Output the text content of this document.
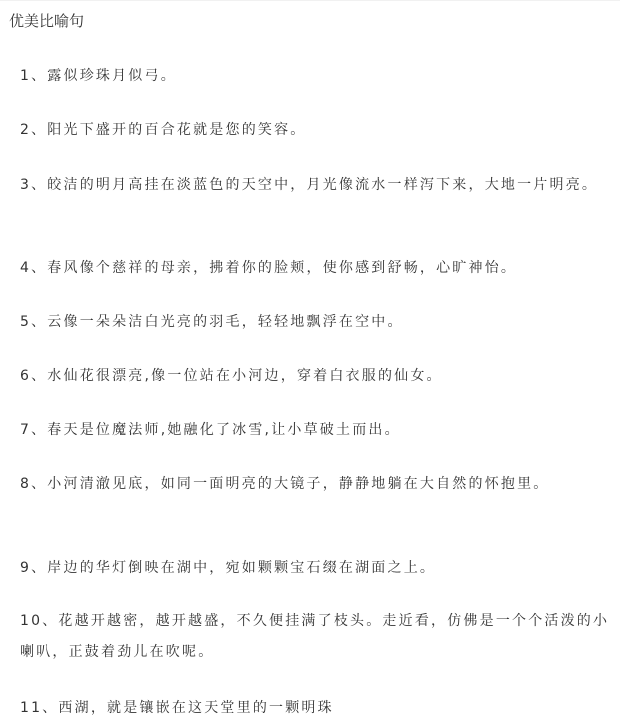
优美比喻句
1、露似珍珠月似弓。
2、阳光下盛开的百合花就是您的笑容。
3、皎洁的明月高挂在淡蓝色的天空中，月光像流水一样泻下来，大地一片明亮。
4、春风像个慈祥的母亲，拂着你的脸颊，使你感到舒畅，心旷神怡。
5、云像一朵朵洁白光亮的羽毛，轻轻地飘浮在空中。
6、水仙花很漂亮,像一位站在小河边，穿着白衣服的仙女。
7、春天是位魔法师,她融化了冰雪,让小草破土而出。
8、小河清澈见底，如同一面明亮的大镜子，静静地躺在大自然的怀抱里。
9、岸边的华灯倒映在湖中，宛如颗颗宝石缀在湖面之上。
10、花越开越密，越开越盛，不久便挂满了枝头。走近看，仿佛是一个个活泼的小喇叭，正鼓着劲儿在吹呢。
11、西湖，就是镶嵌在这天堂里的一颗明珠
